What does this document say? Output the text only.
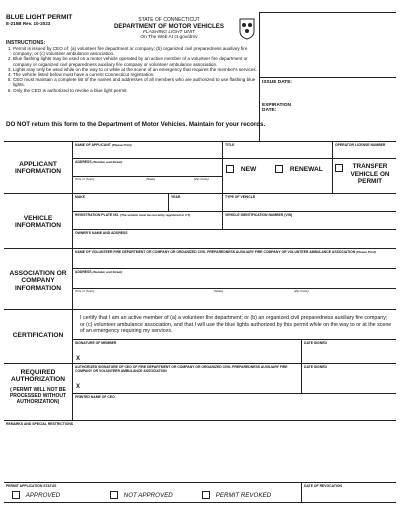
BLUE LIGHT PERMIT
E-215B Rev. 10-2023
INSTRUCTIONS:
STATE OF CONNECTICUT
DEPARTMENT OF MOTOR VEHICLES
FLASHING LIGHT UNIT
On The Web At ct.gov/dmv
ISSUE DATE:
EXPIRATION DATE:
1. Permit is issued by CEO of: (a) volunteer fire department or company; (b) organized civil preparedness auxiliary fire company; or (c) volunteer ambulance association.
2. Blue flashing lights may be used on a motor vehicle operated by an active member of a volunteer fire department or company or organized civil preparedness auxiliary fire company or volunteer ambulance association.
3. Lights may only be used while on the way to or while at the scene of an emergency that requires the member's services.
4. The vehicle listed below must have a current Connecticut registration.
5. CEO must maintain a complete list of the names and addresses of all members who are authorized to use flashing blue lights.
6. Only the CEO is authorized to revoke a blue light permit.
DO NOT return this form to the Department of Motor Vehicles. Maintain for your records.
APPLICANT INFORMATION
NAME OF APPLICANT (Please Print)	TITLE	OPERATOR LICENSE NUMBER
ADDRESS (Number and Street)
(City or Town)	(State)	(Zip Code)
NEW	RENEWAL	TRANSFER VEHICLE ON PERMIT
VEHICLE INFORMATION
MAKE	YEAR	TYPE OF VEHICLE
REGISTRATION PLATE NO. (The vehicle must be currently registered in CT)	VEHICLE IDENTIFICATION NUMBER (VIN)
OWNER'S NAME AND ADDRESS
ASSOCIATION OR COMPANY INFORMATION
NAME OF VOLUNTEER FIRE DEPARTMENT OR COMPANY OR ORGANIZED CIVIL PREPAREDNESS AUXILIARY FIRE COMPANY OR VOLUNTEER AMBULANCE ASSOCIATION (Please Print)
ADDRESS (Number and Street)
(City or Town)	(State)	(Zip Code)
CERTIFICATION
I certify that I am an active member of (a) a volunteer fire department; or (b) an organized civil preparedness auxiliary fire company; or (c) volunteer ambulance association, and that I will use the blue lights authorized by this permit while on the way to or at the scene of an emergency requiring my services.
SIGNATURE OF MEMBER
X
DATE SIGNED
REQUIRED AUTHORIZATION
( PERMIT WILL NOT BE PROCESSED WITHOUT AUTHORIZATION)
AUTHORIZED SIGNATURE OF CEO OF FIRE DEPARTMENT OR COMPANY OR ORGANIZED CIVIL PREPAREDNESS AUXILIARY FIRE COMPANY OR VOLUNTEER AMBULANCE ASSOCIATION
X
DATE SIGNED
PRINTED NAME OF CEO
REMARKS AND SPECIAL RESTRICTIONS
PERMIT APPLICATION STATUS
APPROVED	NOT APPROVED	PERMIT REVOKED
DATE OF REVOCATION
